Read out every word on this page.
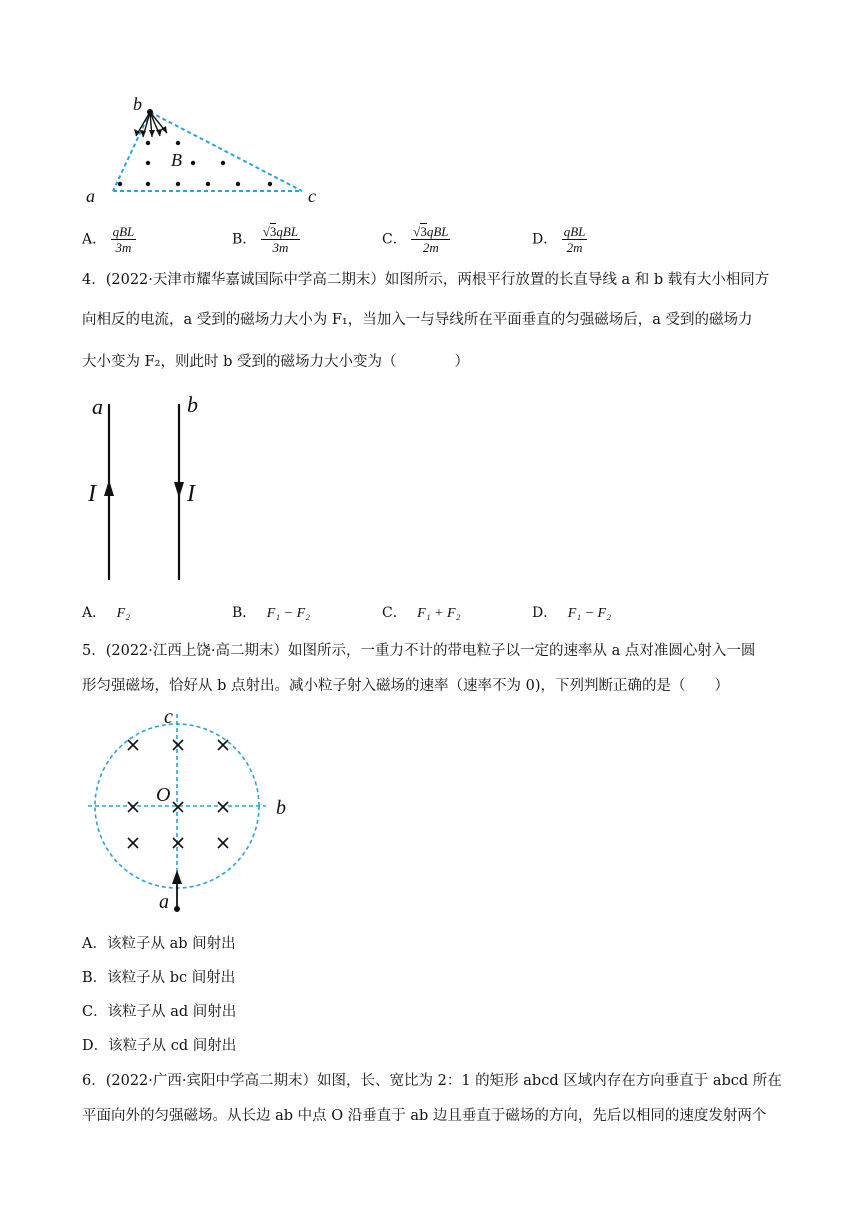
b
B
a	c
A． $\frac{\text{qBL}}{3m}$	B． $\frac{\text{√3qBL}}{3m}$	C． $\frac{\text{√3qBL}}{2m}$	D． $\frac{\text{qBL}}{2m}$
4．(2022·天津市耀华嘉诚国际中学高二期末）如图所示，两根平行放置的长直导线 a 和 b 载有大小相同方
向相反的电流，a 受到的磁场力大小为 F₁，当加入一与导线所在平面垂直的匀强磁场后，a 受到的磁场力
大小变为 F₂，则此时 b 受到的磁场力大小变为（　　　　）
a	b
I	I
A． F₂	B． F₁ − F₂	C． F₁ + F₂	D． F₁ − F₂
5．(2022·江西上饶·高二期末）如图所示，一重力不计的带电粒子以一定的速率从 a 点对准圆心射入一圆
形匀强磁场，恰好从 b 点射出。减小粒子射入磁场的速率（速率不为 0)，下列判断正确的是（　　）
c
O
b
a
A．该粒子从 ab 间射出
B．该粒子从 bc 间射出
C．该粒子从 ad 间射出
D．该粒子从 cd 间射出
6．(2022·广西·宾阳中学高二期末）如图，长、宽比为 2：1 的矩形 abcd 区域内存在方向垂直于 abcd 所在
平面向外的匀强磁场。从长边 ab 中点 O 沿垂直于 ab 边且垂直于磁场的方向，先后以相同的速度发射两个
